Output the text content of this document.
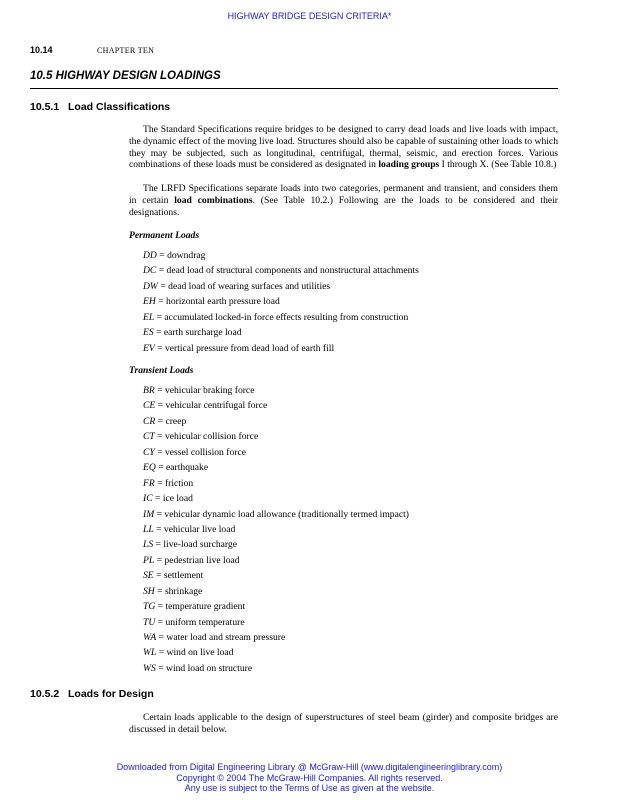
HIGHWAY BRIDGE DESIGN CRITERIA*
10.14	CHAPTER TEN
10.5 HIGHWAY DESIGN LOADINGS
10.5.1 Load Classifications
The Standard Specifications require bridges to be designed to carry dead loads and live loads with impact, the dynamic effect of the moving live load. Structures should also be capable of sustaining other loads to which they may be subjected, such as longitudinal, centrifugal, thermal, seismic, and erection forces. Various combinations of these loads must be considered as designated in loading groups I through X. (See Table 10.8.)
The LRFD Specifications separate loads into two categories, permanent and transient, and considers them in certain load combinations. (See Table 10.2.) Following are the loads to be considered and their designations.
Permanent Loads
DD = downdrag
DC = dead load of structural components and nonstructural attachments
DW = dead load of wearing surfaces and utilities
EH = horizontal earth pressure load
EL = accumulated locked-in force effects resulting from construction
ES = earth surcharge load
EV = vertical pressure from dead load of earth fill
Transient Loads
BR = vehicular braking force
CE = vehicular centrifugal force
CR = creep
CT = vehicular collision force
CY = vessel collision force
EQ = earthquake
FR = friction
IC = ice load
IM = vehicular dynamic load allowance (traditionally termed impact)
LL = vehicular live load
LS = live-load surcharge
PL = pedestrian live load
SE = settlement
SH = shrinkage
TG = temperature gradient
TU = uniform temperature
WA = water load and stream pressure
WL = wind on live load
WS = wind load on structure
10.5.2 Loads for Design
Certain loads applicable to the design of superstructures of steel beam (girder) and composite bridges are discussed in detail below.
Downloaded from Digital Engineering Library @ McGraw-Hill (www.digitalengineeringlibrary.com)
Copyright © 2004 The McGraw-Hill Companies. All rights reserved.
Any use is subject to the Terms of Use as given at the website.
